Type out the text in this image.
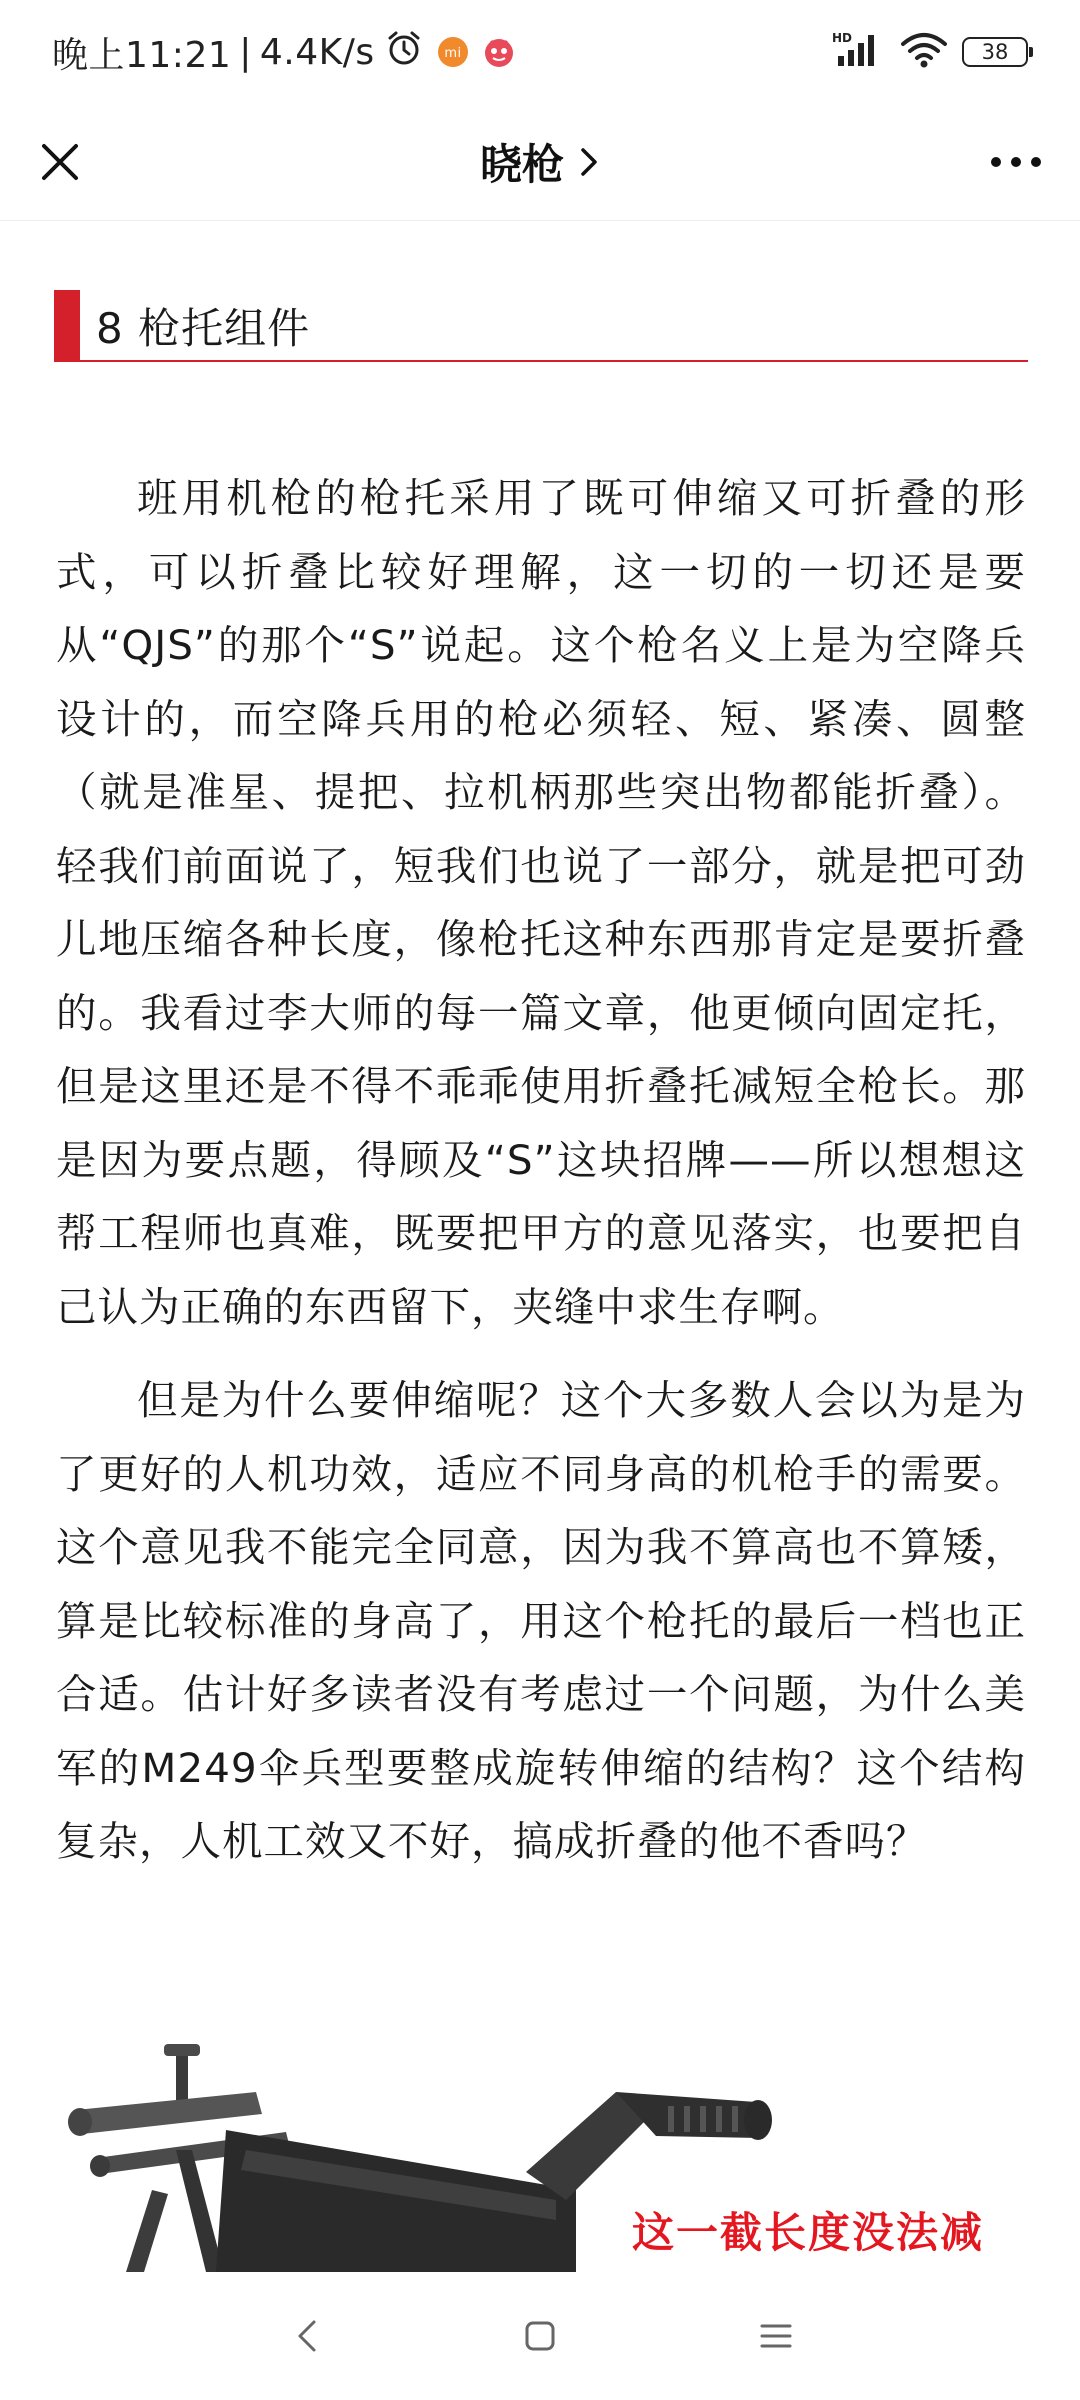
晚上11:21 | 4.4K/s	mi
HD
38
晓枪
8 枪托组件

班用机枪的枪托采用了既可伸缩又可折叠的形式，可以折叠比较好理解，这一切的一切还是要从“QJS”的那个“S”说起。这个枪名义上是为空降兵设计的，而空降兵用的枪必须轻、短、紧凑、圆整（就是准星、提把、拉机柄那些突出物都能折叠）。轻我们前面说了，短我们也说了一部分，就是把可劲儿地压缩各种长度，像枪托这种东西那肯定是要折叠的。我看过李大师的每一篇文章，他更倾向固定托，但是这里还是不得不乖乖使用折叠托减短全枪长。那是因为要点题，得顾及“S”这块招牌——所以想想这帮工程师也真难，既要把甲方的意见落实，也要把自己认为正确的东西留下，夹缝中求生存啊。

但是为什么要伸缩呢？这个大多数人会以为是为了更好的人机功效，适应不同身高的机枪手的需要。这个意见我不能完全同意，因为我不算高也不算矮，算是比较标准的身高了，用这个枪托的最后一档也正合适。估计好多读者没有考虑过一个问题，为什么美军的M249伞兵型要整成旋转伸缩的结构？这个结构复杂，人机工效又不好，搞成折叠的他不香吗？

这一截长度没法减
